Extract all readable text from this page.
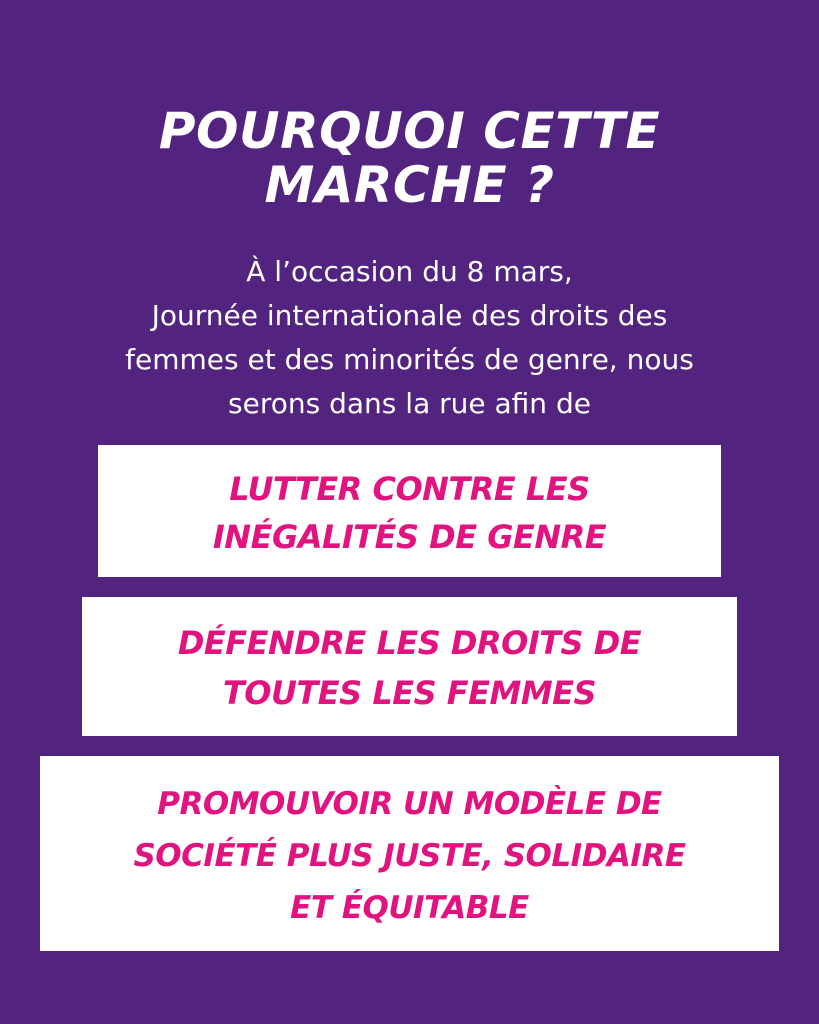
POURQUOI CETTE
MARCHE ?
À l’occasion du 8 mars,
Journée internationale des droits des
femmes et des minorités de genre, nous
serons dans la rue afin de
LUTTER CONTRE LES
INÉGALITÉS DE GENRE
DÉFENDRE LES DROITS DE
TOUTES LES FEMMES
PROMOUVOIR UN MODÈLE DE
SOCIÉTÉ PLUS JUSTE, SOLIDAIRE
ET ÉQUITABLE
